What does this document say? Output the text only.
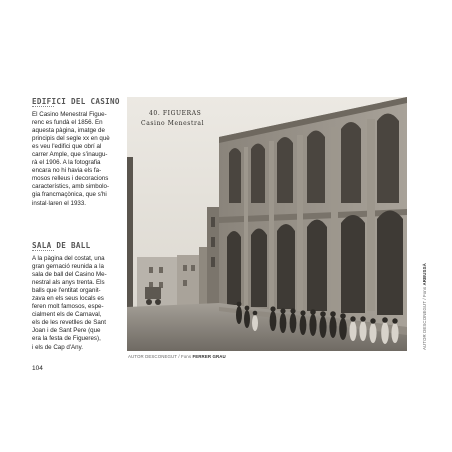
EDIFICI DEL CASINO
El Casino Menestral Figue-
renc es fundà el 1856. En
aquesta pàgina, imatge de
principis del segle xx en què
es veu l'edifici que obrí al
carrer Ample, que s'inaugu-
rà el 1906. A la fotografia
encara no hi havia els fa-
mosos relleus i decoracions
característics, amb simbolo-
gia francmaçònica, que s'hi
instal·laren el 1933.
SALA DE BALL
A la pàgina del costat, una
gran gernació reunida a la
sala de ball del Casino Me-
nestral als anys trenta. Els
balls que l'entitat organit-
zava en els seus locals es
feren molt famosos, espe-
cialment els de Carnaval,
els de les revetlles de Sant
Joan i de Sant Pere (que
era la festa de Figueres),
i els de Cap d'Any.
104
40. FIGUERAS
Casino Menestral
AUTOR DESCONEGUT / Fons FERRER GRAU
AUTOR DESCONEGUT / Fons ARBUSSÀ
